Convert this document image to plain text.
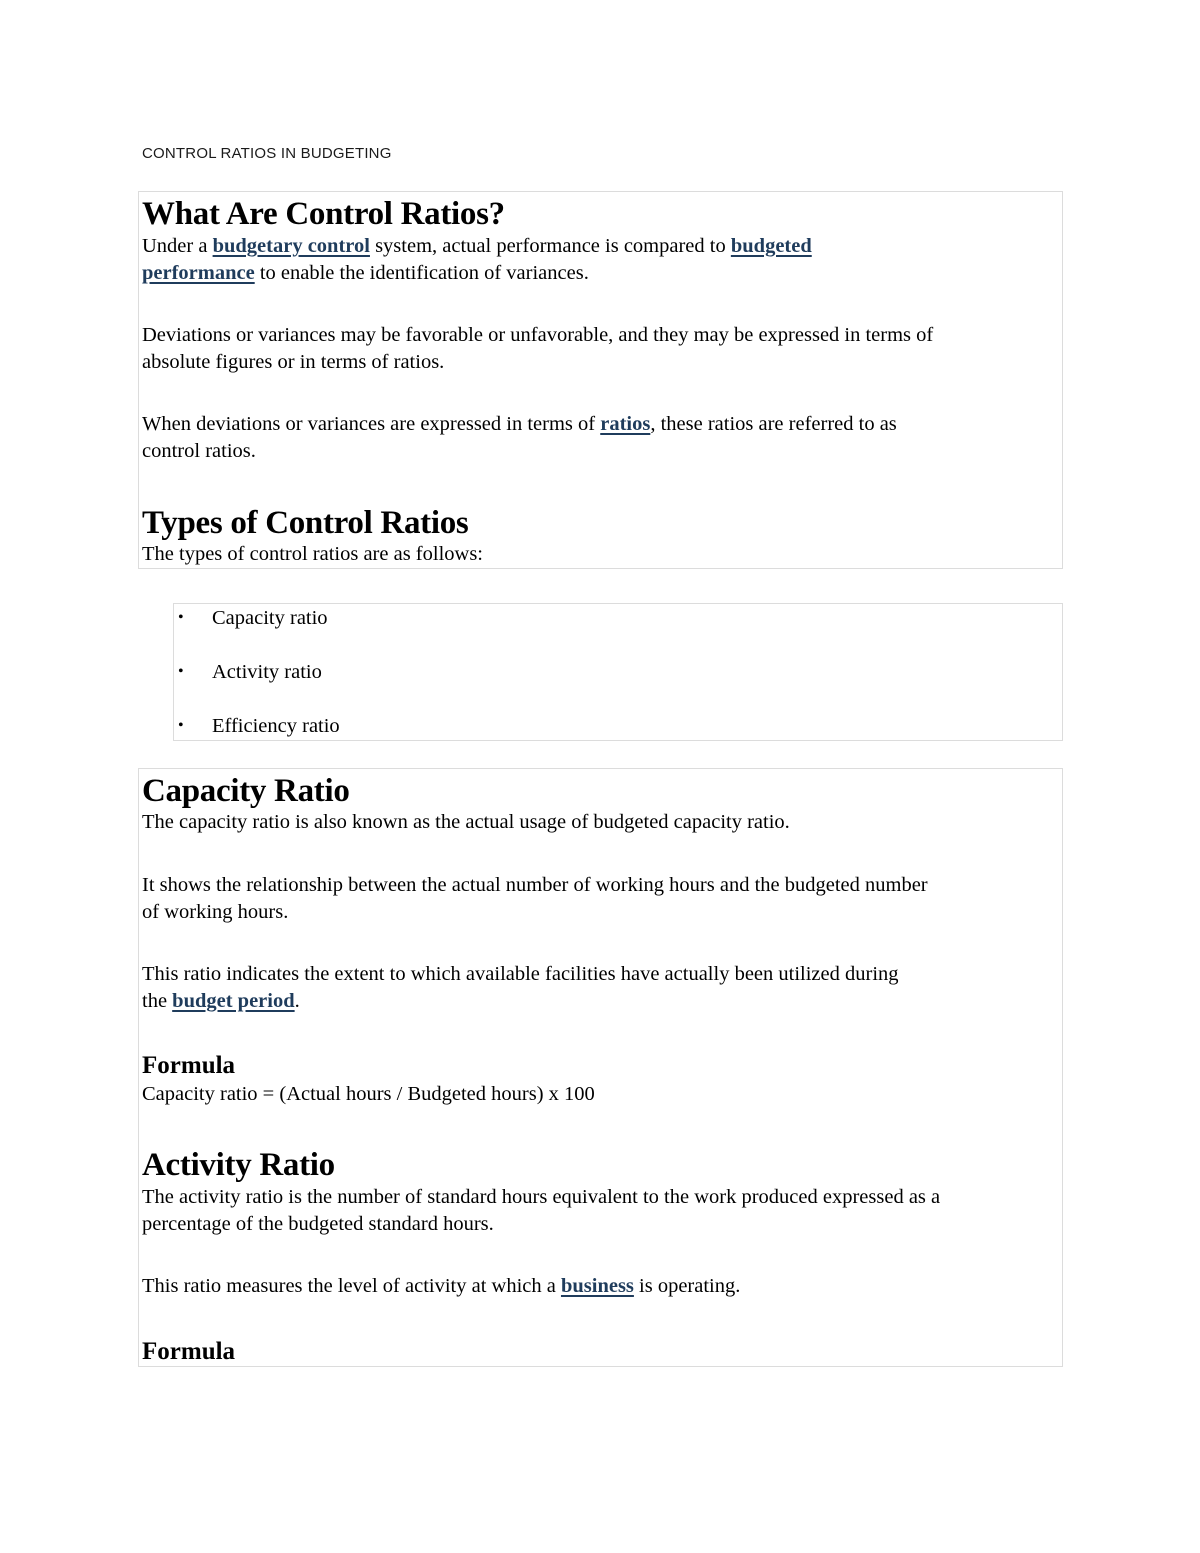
CONTROL RATIOS IN BUDGETING
What Are Control Ratios?
Under a budgetary control system, actual performance is compared to budgeted
performance to enable the identification of variances.
Deviations or variances may be favorable or unfavorable, and they may be expressed in terms of
absolute figures or in terms of ratios.
When deviations or variances are expressed in terms of ratios, these ratios are referred to as
control ratios.
Types of Control Ratios
The types of control ratios are as follows:
• Capacity ratio
• Activity ratio
• Efficiency ratio
Capacity Ratio
The capacity ratio is also known as the actual usage of budgeted capacity ratio.
It shows the relationship between the actual number of working hours and the budgeted number
of working hours.
This ratio indicates the extent to which available facilities have actually been utilized during
the budget period.
Formula
Capacity ratio = (Actual hours / Budgeted hours) x 100
Activity Ratio
The activity ratio is the number of standard hours equivalent to the work produced expressed as a
percentage of the budgeted standard hours.
This ratio measures the level of activity at which a business is operating.
Formula
